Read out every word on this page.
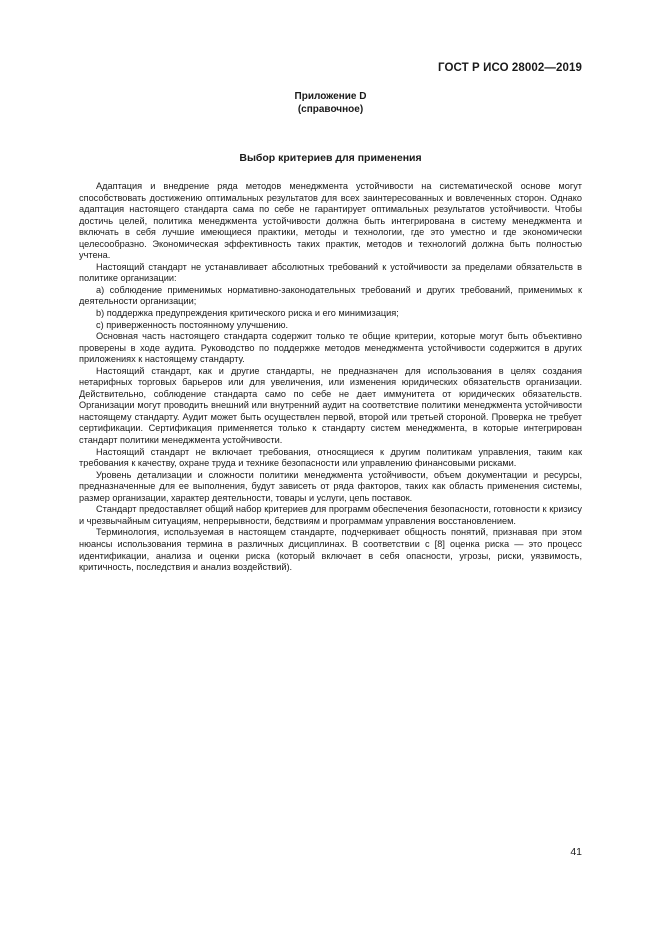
ГОСТ Р ИСО 28002—2019
Приложение D
(справочное)
Выбор критериев для применения

Адаптация и внедрение ряда методов менеджмента устойчивости на систематической основе могут способствовать достижению оптимальных результатов для всех заинтересованных и вовлеченных сторон. Однако адаптация настоящего стандарта сама по себе не гарантирует оптимальных результатов устойчивости. Чтобы достичь целей, политика менеджмента устойчивости должна быть интегрирована в систему менеджмента и включать в себя лучшие имеющиеся практики, методы и технологии, где это уместно и где экономически целесообразно. Экономическая эффективность таких практик, методов и технологий должна быть полностью учтена.

Настоящий стандарт не устанавливает абсолютных требований к устойчивости за пределами обязательств в политике организации:

a) соблюдение применимых нормативно-законодательных требований и других требований, применимых к деятельности организации;

b) поддержка предупреждения критического риска и его минимизация;

c) приверженность постоянному улучшению.

Основная часть настоящего стандарта содержит только те общие критерии, которые могут быть объективно проверены в ходе аудита. Руководство по поддержке методов менеджмента устойчивости содержится в других приложениях к настоящему стандарту.

Настоящий стандарт, как и другие стандарты, не предназначен для использования в целях создания нетарифных торговых барьеров или для увеличения, или изменения юридических обязательств организации. Действительно, соблюдение стандарта само по себе не дает иммунитета от юридических обязательств. Организации могут проводить внешний или внутренний аудит на соответствие политики менеджмента устойчивости настоящему стандарту. Аудит может быть осуществлен первой, второй или третьей стороной. Проверка не требует сертификации. Сертификация применяется только к стандарту систем менеджмента, в которые интегрирован стандарт политики менеджмента устойчивости.

Настоящий стандарт не включает требования, относящиеся к другим политикам управления, таким как требования к качеству, охране труда и технике безопасности или управлению финансовыми рисками.

Уровень детализации и сложности политики менеджмента устойчивости, объем документации и ресурсы, предназначенные для ее выполнения, будут зависеть от ряда факторов, таких как область применения системы, размер организации, характер деятельности, товары и услуги, цепь поставок.

Стандарт предоставляет общий набор критериев для программ обеспечения безопасности, готовности к кризису и чрезвычайным ситуациям, непрерывности, бедствиям и программам управления восстановлением.

Терминология, используемая в настоящем стандарте, подчеркивает общность понятий, признавая при этом нюансы использования термина в различных дисциплинах. В соответствии с [8] оценка риска — это процесс идентификации, анализа и оценки риска (который включает в себя опасности, угрозы, риски, уязвимость, критичность, последствия и анализ воздействий).

41
